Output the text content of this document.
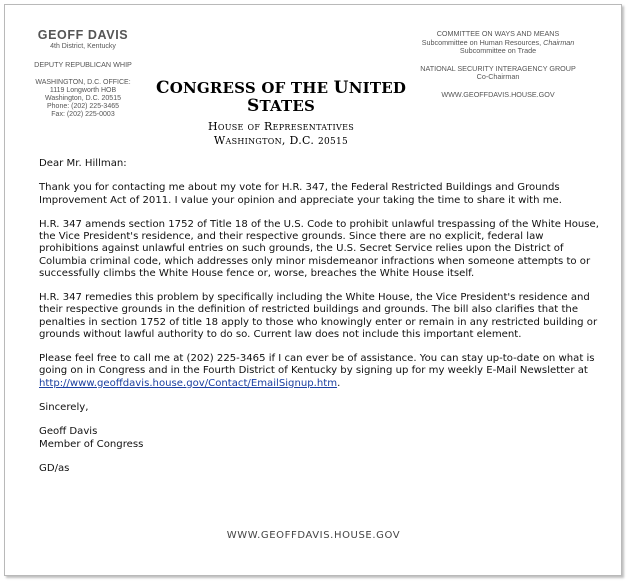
GEOFF DAVIS
4th District, Kentucky
DEPUTY REPUBLICAN WHIP
WASHINGTON, D.C. OFFICE:
1119 Longworth HOB
Washington, D.C. 20515
Phone: (202) 225-3465
Fax: (202) 225-0003
CONGRESS OF THE UNITED STATES
House of Representatives
Washington, D.C. 20515
COMMITTEE ON WAYS AND MEANS
Subcommittee on Human Resources, Chairman
Subcommittee on Trade
NATIONAL SECURITY INTERAGENCY GROUP
Co-Chairman
WWW.GEOFFDAVIS.HOUSE.GOV

Dear Mr. Hillman:

Thank you for contacting me about my vote for H.R. 347, the Federal Restricted Buildings and Grounds Improvement Act of 2011. I value your opinion and appreciate your taking the time to share it with me.

H.R. 347 amends section 1752 of Title 18 of the U.S. Code to prohibit unlawful trespassing of the White House, the Vice President's residence, and their respective grounds. Since there are no explicit, federal law prohibitions against unlawful entries on such grounds, the U.S. Secret Service relies upon the District of Columbia criminal code, which addresses only minor misdemeanor infractions when someone attempts to or successfully climbs the White House fence or, worse, breaches the White House itself.

H.R. 347 remedies this problem by specifically including the White House, the Vice President's residence and their respective grounds in the definition of restricted buildings and grounds. The bill also clarifies that the penalties in section 1752 of title 18 apply to those who knowingly enter or remain in any restricted building or grounds without lawful authority to do so. Current law does not include this important element.

Please feel free to call me at (202) 225-3465 if I can ever be of assistance. You can stay up-to-date on what is going on in Congress and in the Fourth District of Kentucky by signing up for my weekly E-Mail Newsletter at http://www.geoffdavis.house.gov/Contact/EmailSignup.htm.

Sincerely,

Geoff Davis
Member of Congress

GD/as

WWW.GEOFFDAVIS.HOUSE.GOV
